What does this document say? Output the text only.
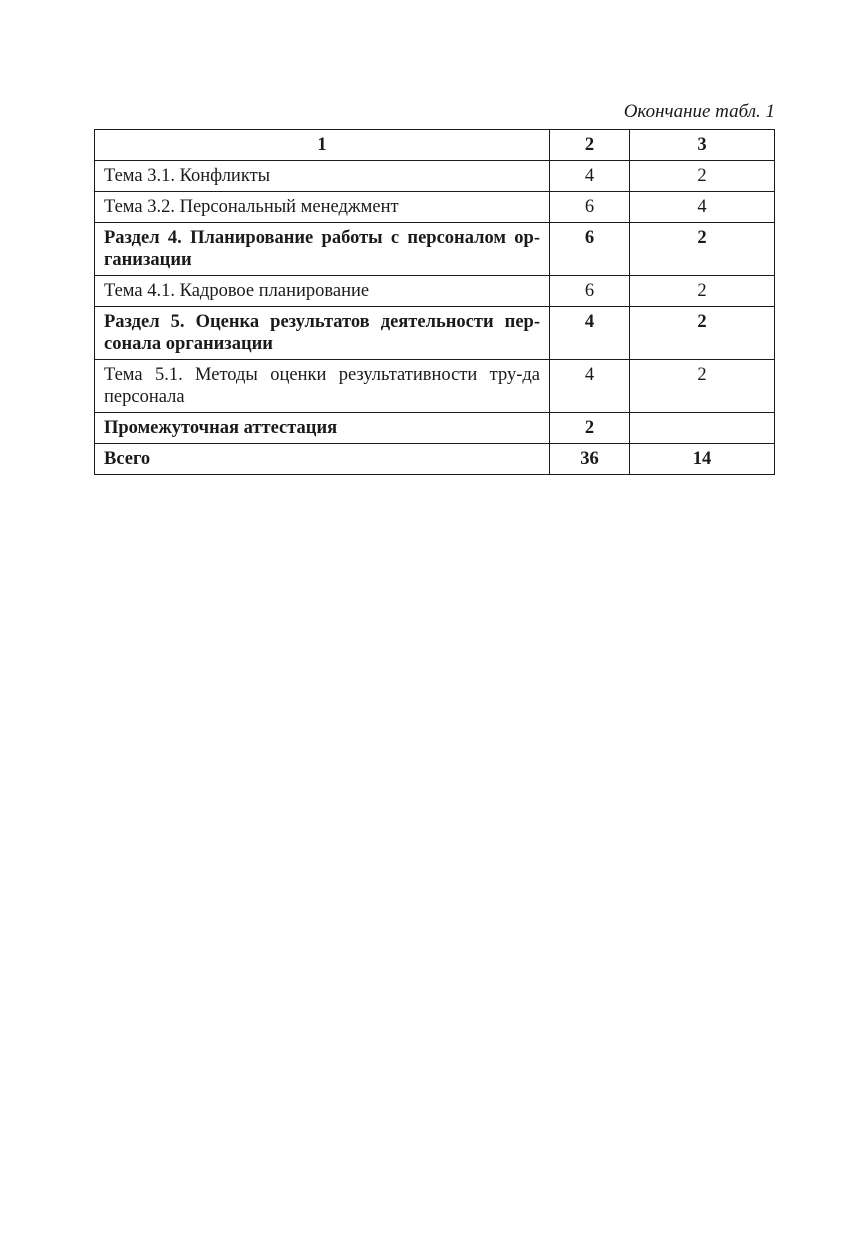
Окончание табл. 1
1	2	3
Тема 3.1. Конфликты	4	2
Тема 3.2. Персональный менеджмент	6	4
Раздел 4. Планирование работы с персоналом ор-ганизации	6	2
Тема 4.1. Кадровое планирование	6	2
Раздел 5. Оценка результатов деятельности пер-сонала организации	4	2
Тема 5.1. Методы оценки результативности тру-да персонала	4	2
Промежуточная аттестация	2	
Всего	36	14
